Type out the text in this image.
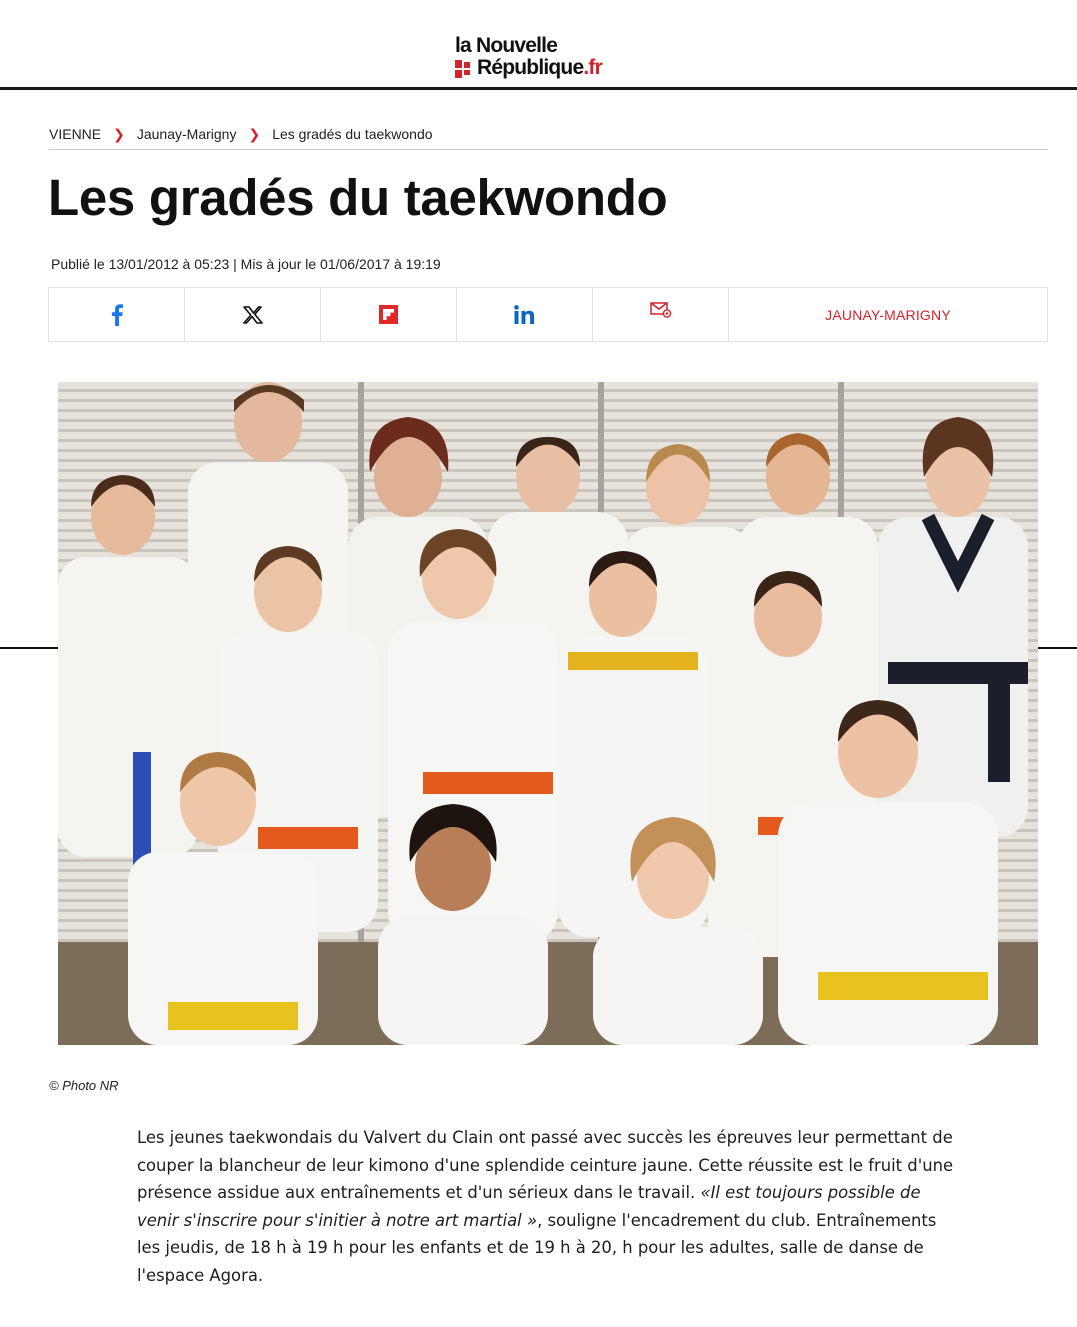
la Nouvelle
République.fr
VIENNE ❯ Jaunay-Marigny ❯ Les gradés du taekwondo
Les gradés du taekwondo
Publié le 13/01/2012 à 05:23 | Mis à jour le 01/06/2017 à 19:19
JAUNAY-MARIGNY
© Photo NR
Les jeunes taekwondais du Valvert du Clain ont passé avec succès les épreuves leur permettant de couper la blancheur de leur kimono d'une splendide ceinture jaune. Cette réussite est le fruit d'une présence assidue aux entraînements et d'un sérieux dans le travail. «Il est toujours possible de venir s'inscrire pour s'initier à notre art martial », souligne l'encadrement du club. Entraînements les jeudis, de 18 h à 19 h pour les enfants et de 19 h à 20, h pour les adultes, salle de danse de l'espace Agora.
